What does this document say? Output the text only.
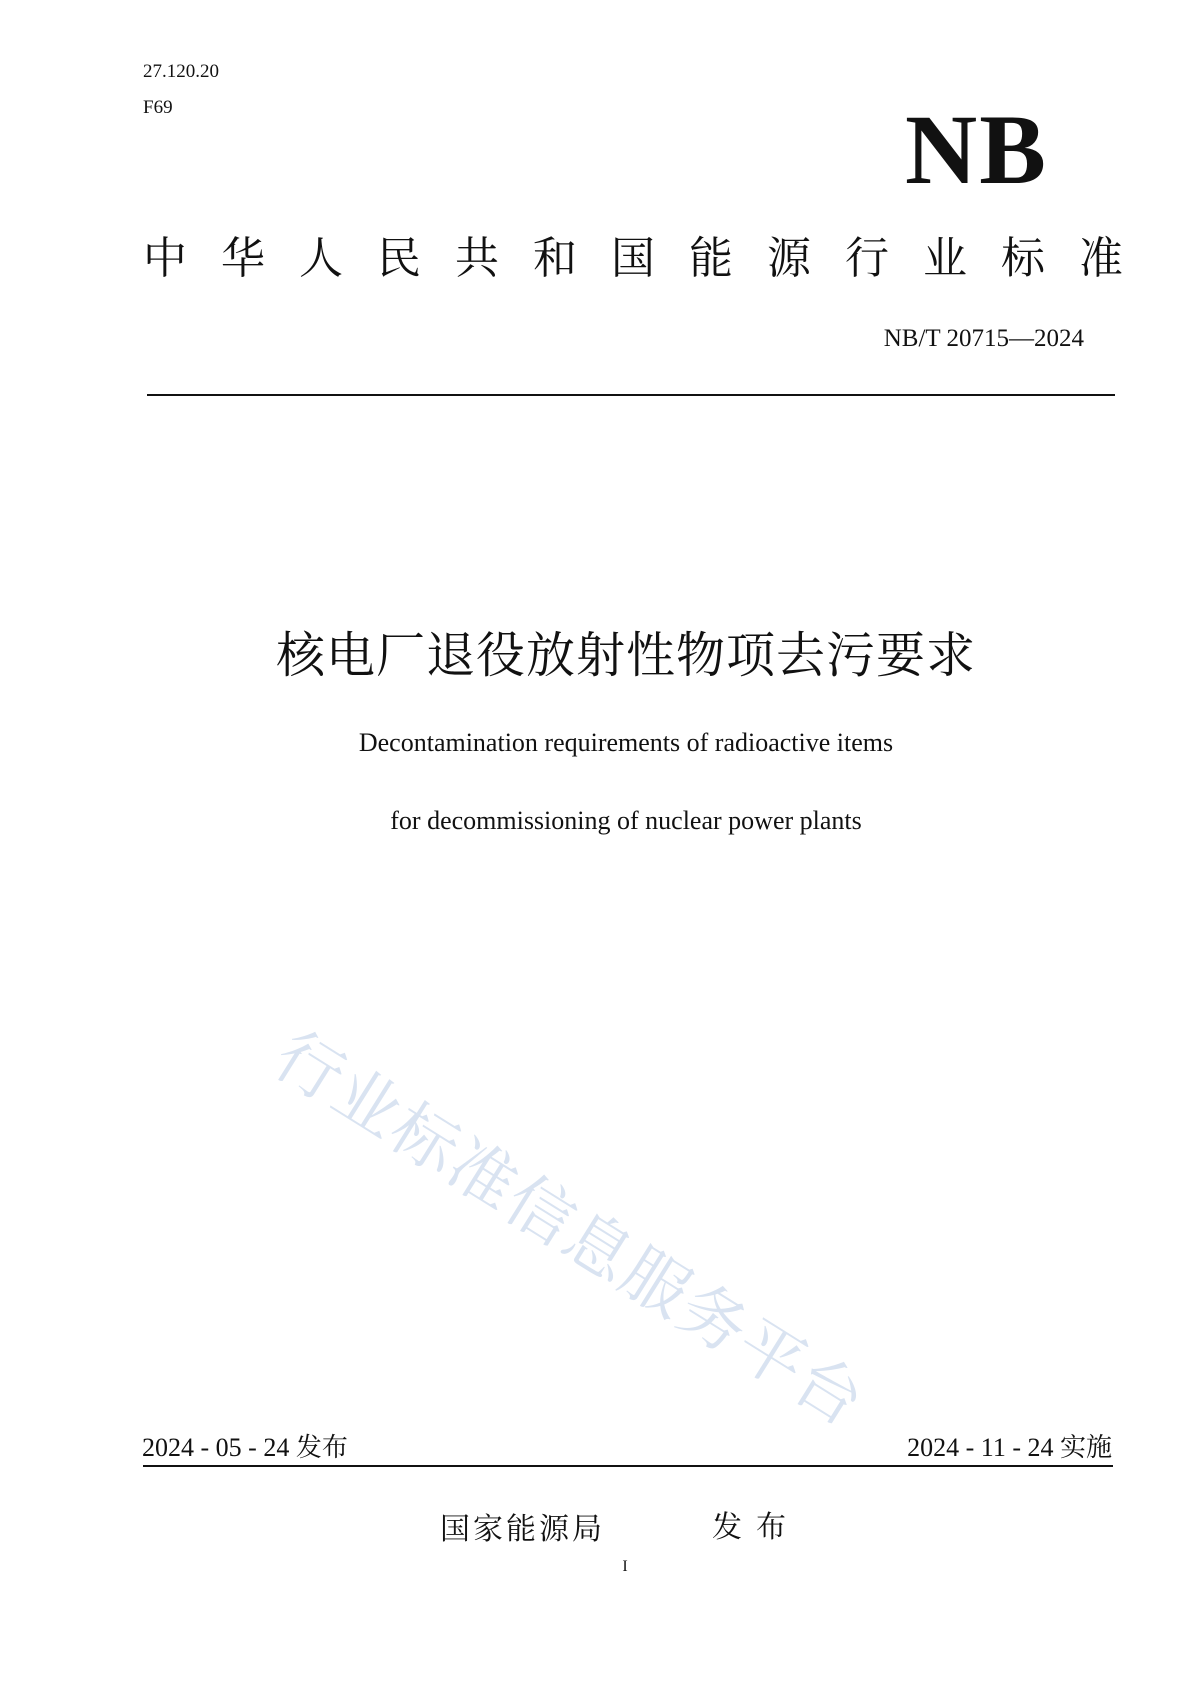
27.120.20
F69	NB
中华人民共和国能源行业标准
NB/T 20715—2024
核电厂退役放射性物项去污要求
Decontamination requirements of radioactive items
for decommissioning of nuclear power plants
行业标准信息服务平台
2024 - 05 - 24 发布	2024 - 11 - 24 实施
国家能源局	发布
I
